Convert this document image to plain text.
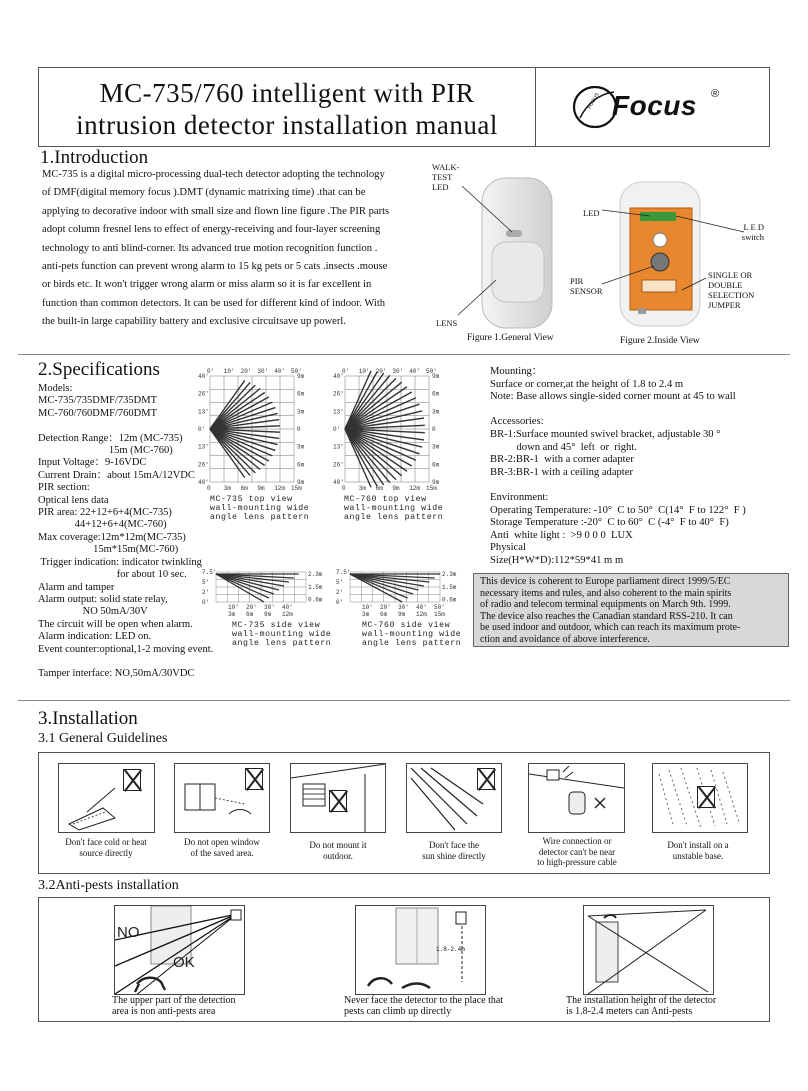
MC-735/760 intelligent with PIR
intrusion detector installation manual
FOCUS Focus ®
1.Introduction
MC-735 is a digital micro-processing dual-tech detector adopting the technology
of DMF(digital memory focus ).DMT (dynamic matrixing time) .that can be
applying to decorative indoor with small size and flown line figure .The PIR parts
adopt column fresnel lens to effect of energy-receiving and four-layer screening
technology to anti blind-corner. Its advanced true motion recognition function .
anti-pets function can prevent wrong alarm to 15 kg pets or 5 cats .insects .mouse
or birds etc. It won't trigger wrong alarm or miss alarm so it is far excellent in
function than common detectors. It can be used for different kind of indoor. With
the built-in large capability battery and exclusive circuitsave up powerl.
WALK-
TEST
LED
LENS
Figure 1.General View
LED
L E D
switch
PIR
SENSOR
SINGLE OR
DOUBLE
SELECTION
JUMPER
Figure 2.Inside View
2.Specifications
Models:
MC-735/735DMF/735DMT
MC-760/760DMF/760DMT

Detection Range：12m (MC-735)
15m (MC-760)
Input Voltage：9-16VDC
Current Drain：about 15mA/12VDC
PIR section:
Optical lens data
PIR area: 22+12+6+4(MC-735)
44+12+6+4(MC-760)
Max coverage:12m*12m(MC-735)
15m*15m(MC-760)
Trigger indication: indicator twinkling
for about 10 sec.
Alarm and tamper
Alarm output: solid state relay,
NO 50mA/30V
The circuit will be open when alarm.
Alarm indication: LED on.
Event counter:optional,1-2 moving event.

Tamper interface: NO,50mA/30VDC
0' 10' 20' 30' 40' 50'
40'
26'
13'
0'
13'
26'
40'
9m
6m
3m
0
3m
6m
9m
0 3m 6m 9m 12m 15m
0' 10' 20' 30' 40' 50'
40'
26'
13'
0'
13'
26'
40'
9m
6m
3m
0
3m
6m
9m
0 3m 6m 9m 12m 15m
MC-735 top view
wall-mounting wide
angle lens pattern
MC-760 top view
wall-mounting wide
angle lens pattern
7.5'
5'
2'
0'
2.3m
1.5m
0.6m
10' 20' 30' 40'
3m 6m 9m 12m
7.5'
5'
2'
0'
2.3m
1.5m
0.6m
10' 20' 30' 40' 50'
3m 6m 9m 12m 15m
MC-735 side view
wall-mounting wide
angle lens pattern
MC-760 side view
wall-mounting wide
angle lens pattern
Mounting：
Surface or corner,at the height of 1.8 to 2.4 m
Note: Base allows single-sided corner mount at 45 to wall

Accessories:
BR-1:Surface mounted swivel bracket, adjustable 30 °
down and 45°  left  or  right.
BR-2:BR-1  with a corner adapter
BR-3:BR-1 with a ceiling adapter

Environment:
Operating Temperature: -10°  C to 50°  C(14°  F to 122°  F )
Storage Temperature :-20°  C to 60°  C (-4°  F to 40°  F)
Anti  white light :  >9 0 0 0  LUX
Physical
Size(H*W*D):112*59*41 m m
This device is coherent to Europe parliament direct 1999/5/EC
necessary items and rules, and also coherent to the main spirits
of radio and telecom terminal equipments on March 9th. 1999.
The device also reaches the Canadian standard RSS-210. It can
be used indoor and outdoor, which can reach its maximum prote-
ction and avoidance of above interference.
3.Installation
3.1 General Guidelines
Don't face cold or heat
source directly
Do not open window
of the saved area.
Do not mount it
outdoor.
Don't face the
sun shine directly
Wire connection or
detector can't be near
to high-pressure cable
Don't install on a
unstable base.
3.2Anti-pests installation
NO
OK
1.8-2.4m
The upper part of the detection
area is non anti-pests area
Never face the detector to the place that
pests can climb up directly
The installation height of the detector
is 1.8-2.4 meters can Anti-pests
